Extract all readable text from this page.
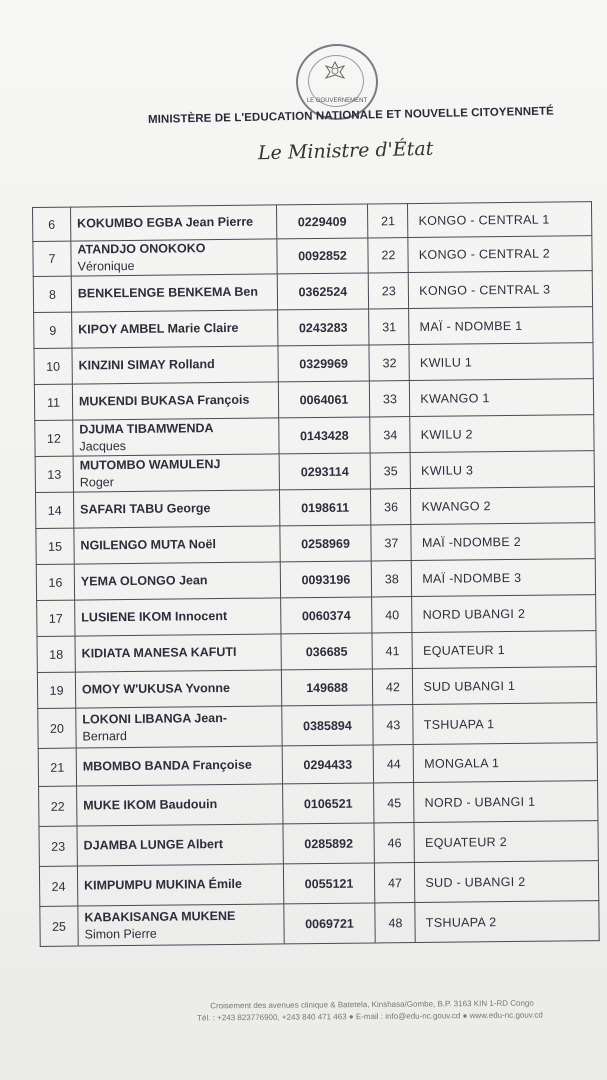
LE GOUVERNEMENT
MINISTÈRE DE L'EDUCATION NATIONALE ET NOUVELLE CITOYENNETÉ
Le Ministre d'État
6	KOKUMBO EGBA Jean Pierre	0229409	21	KONGO - CENTRAL 1
7	ATANDJO ONOKOKO
Véronique	0092852	22	KONGO - CENTRAL 2
8	BENKELENGE BENKEMA Ben	0362524	23	KONGO - CENTRAL 3
9	KIPOY AMBEL Marie Claire	0243283	31	MAÏ - NDOMBE 1
10	KINZINI SIMAY Rolland	0329969	32	KWILU 1
11	MUKENDI BUKASA François	0064061	33	KWANGO 1
12	DJUMA TIBAMWENDA
Jacques	0143428	34	KWILU 2
13	MUTOMBO WAMULENJ
Roger	0293114	35	KWILU 3
14	SAFARI TABU George	0198611	36	KWANGO 2
15	NGILENGO MUTA Noël	0258969	37	MAÏ -NDOMBE 2
16	YEMA OLONGO Jean	0093196	38	MAÏ -NDOMBE 3
17	LUSIENE IKOM Innocent	0060374	40	NORD UBANGI 2
18	KIDIATA MANESA KAFUTI	036685	41	EQUATEUR 1
19	OMOY W'UKUSA Yvonne	149688	42	SUD UBANGI 1
20	LOKONI LIBANGA Jean-
Bernard	0385894	43	TSHUAPA 1
21	MBOMBO BANDA Françoise	0294433	44	MONGALA 1
22	MUKE IKOM Baudouin	0106521	45	NORD - UBANGI 1
23	DJAMBA LUNGE Albert	0285892	46	EQUATEUR 2
24	KIMPUMPU MUKINA Émile	0055121	47	SUD - UBANGI 2
25	KABAKISANGA MUKENE
Simon Pierre	0069721	48	TSHUAPA 2
Croisement des avenues clinique & Batetela, Kinshasa/Gombe, B.P. 3163 KIN 1-RD Congo
Tél. : +243 823776900, +243 840 471 463 ● E-mail : info@edu-nc.gouv.cd ● www.edu-nc.gouv.cd
